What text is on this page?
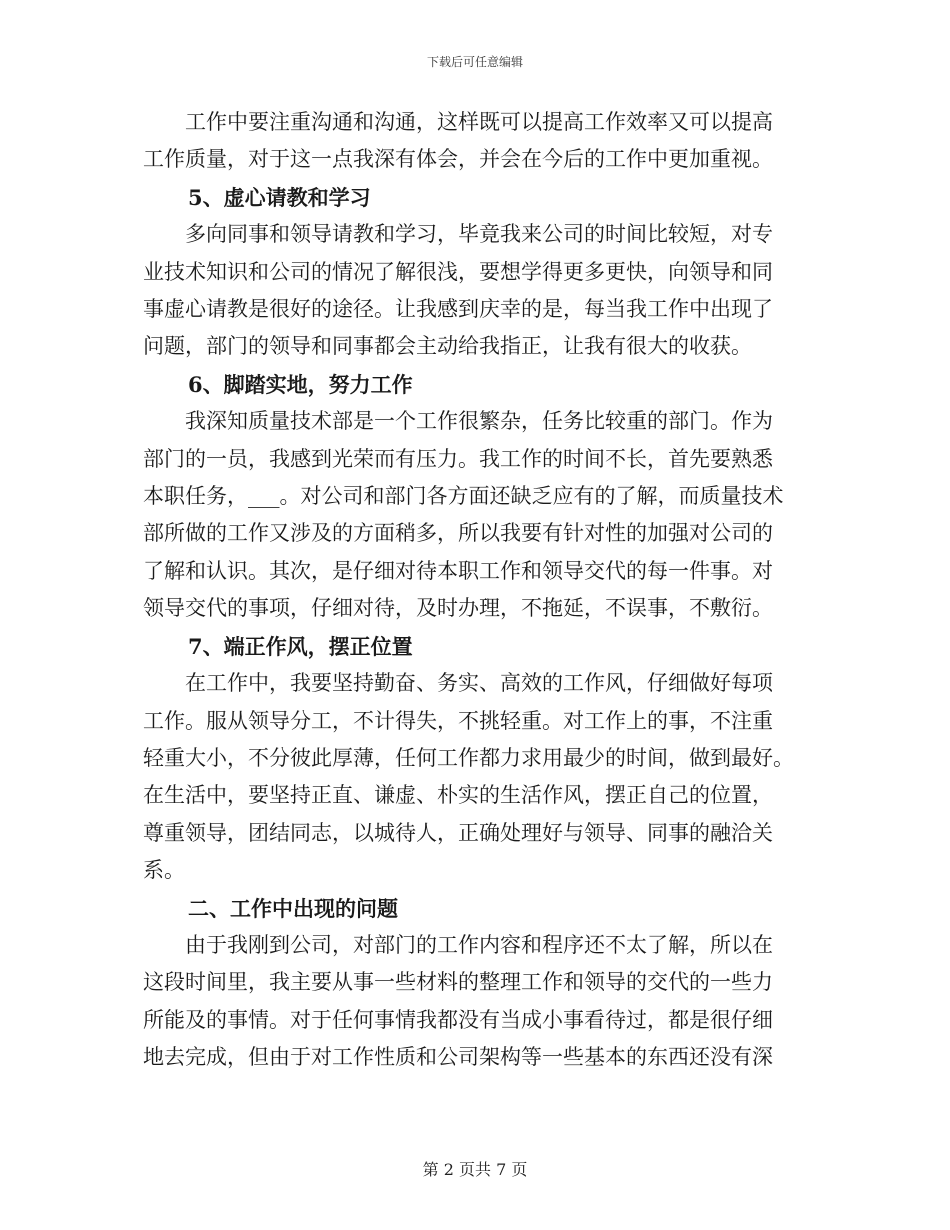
下载后可任意编辑

工作中要注重沟通和沟通，这样既可以提高工作效率又可以提高
工作质量，对于这一点我深有体会，并会在今后的工作中更加重视。

5、虚心请教和学习

多向同事和领导请教和学习，毕竟我来公司的时间比较短，对专
业技术知识和公司的情况了解很浅，要想学得更多更快，向领导和同
事虚心请教是很好的途径。让我感到庆幸的是，每当我工作中出现了
问题，部门的领导和同事都会主动给我指正，让我有很大的收获。

6、脚踏实地，努力工作

我深知质量技术部是一个工作很繁杂，任务比较重的部门。作为
部门的一员，我感到光荣而有压力。我工作的时间不长，首先要熟悉
本职任务，___。对公司和部门各方面还缺乏应有的了解，而质量技术
部所做的工作又涉及的方面稍多，所以我要有针对性的加强对公司的
了解和认识。其次，是仔细对待本职工作和领导交代的每一件事。对
领导交代的事项，仔细对待，及时办理，不拖延，不误事，不敷衍。

7、端正作风，摆正位置

在工作中，我要坚持勤奋、务实、高效的工作风，仔细做好每项
工作。服从领导分工，不计得失，不挑轻重。对工作上的事，不注重
轻重大小，不分彼此厚薄，任何工作都力求用最少的时间，做到最好。
在生活中，要坚持正直、谦虚、朴实的生活作风，摆正自己的位置，
尊重领导，团结同志，以城待人，正确处理好与领导、同事的融洽关
系。

二、工作中出现的问题

由于我刚到公司，对部门的工作内容和程序还不太了解，所以在
这段时间里，我主要从事一些材料的整理工作和领导的交代的一些力
所能及的事情。对于任何事情我都没有当成小事看待过，都是很仔细
地去完成，但由于对工作性质和公司架构等一些基本的东西还没有深

第 2 页共 7 页
